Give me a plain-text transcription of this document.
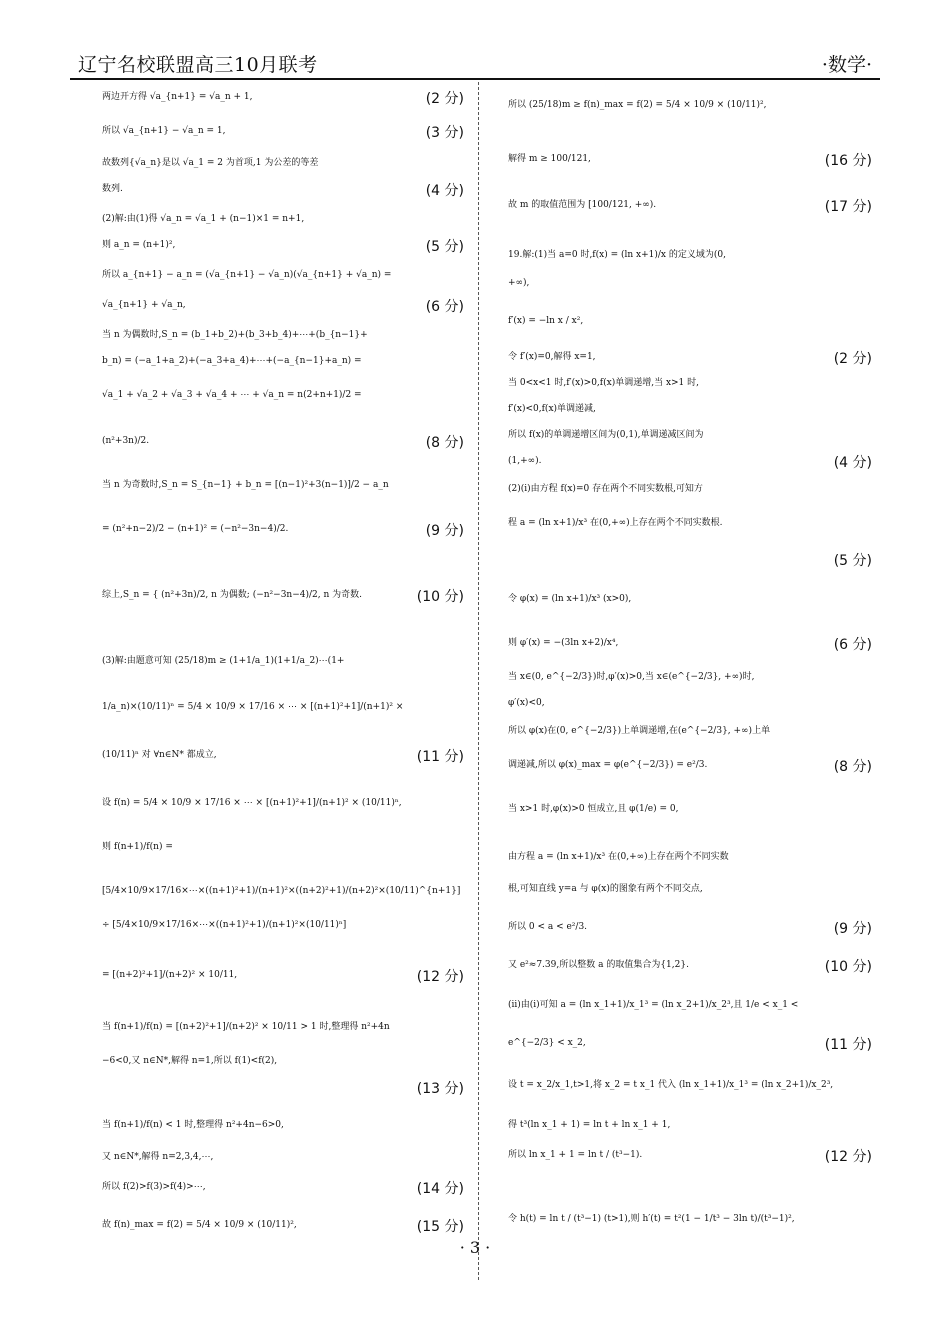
辽宁名校联盟高三10月联考	·数学·
两边开方得 √a_{n+1} = √a_n + 1,	(2 分)
所以 √a_{n+1} − √a_n = 1,	(3 分)
故数列{√a_n}是以 √a_1 = 2 为首项,1 为公差的等差
数列.	(4 分)
(2)解:由(1)得 √a_n = √a_1 + (n−1)×1 = n+1,
则 a_n = (n+1)²,	(5 分)
所以 a_{n+1} − a_n = (√a_{n+1} − √a_n)(√a_{n+1} + √a_n) =
√a_{n+1} + √a_n,	(6 分)
当 n 为偶数时,S_n = (b_1+b_2)+(b_3+b_4)+⋯+(b_{n−1}+
b_n) = (−a_1+a_2)+(−a_3+a_4)+⋯+(−a_{n−1}+a_n) =
√a_1 + √a_2 + √a_3 + √a_4 + ⋯ + √a_n = n(2+n+1)/2 =
(n²+3n)/2.	(8 分)
当 n 为奇数时,S_n = S_{n−1} + b_n = [(n−1)²+3(n−1)]/2 − a_n
= (n²+n−2)/2 − (n+1)² = (−n²−3n−4)/2.	(9 分)
综上,S_n = { (n²+3n)/2, n 为偶数; (−n²−3n−4)/2, n 为奇数.	(10 分)
(3)解:由题意可知 (25/18)m ≥ (1+1/a_1)(1+1/a_2)⋯(1+
1/a_n)×(10/11)ⁿ = 5/4 × 10/9 × 17/16 × ⋯ × [(n+1)²+1]/(n+1)² ×
(10/11)ⁿ 对 ∀n∈N* 都成立,	(11 分)
设 f(n) = 5/4 × 10/9 × 17/16 × ⋯ × [(n+1)²+1]/(n+1)² × (10/11)ⁿ,
则 f(n+1)/f(n) =
[5/4×10/9×17/16×⋯×((n+1)²+1)/(n+1)²×((n+2)²+1)/(n+2)²×(10/11)^{n+1}]
÷ [5/4×10/9×17/16×⋯×((n+1)²+1)/(n+1)²×(10/11)ⁿ]
= [(n+2)²+1]/(n+2)² × 10/11,	(12 分)
当 f(n+1)/f(n) = [(n+2)²+1]/(n+2)² × 10/11 > 1 时,整理得 n²+4n
−6<0,又 n∈N*,解得 n=1,所以 f(1)<f(2),
(13 分)
当 f(n+1)/f(n) < 1 时,整理得 n²+4n−6>0,
又 n∈N*,解得 n=2,3,4,⋯,
所以 f(2)>f(3)>f(4)>⋯,	(14 分)
故 f(n)_max = f(2) = 5/4 × 10/9 × (10/11)²,	(15 分)
所以 (25/18)m ≥ f(n)_max = f(2) = 5/4 × 10/9 × (10/11)²,
解得 m ≥ 100/121,	(16 分)
故 m 的取值范围为 [100/121, +∞).	(17 分)
19.解:(1)当 a=0 时,f(x) = (ln x+1)/x 的定义域为(0,
+∞),
f′(x) = −ln x / x²,
令 f′(x)=0,解得 x=1,	(2 分)
当 0<x<1 时,f′(x)>0,f(x)单调递增,当 x>1 时,
f′(x)<0,f(x)单调递减,
所以 f(x)的单调递增区间为(0,1),单调递减区间为
(1,+∞).	(4 分)
(2)(i)由方程 f(x)=0 存在两个不同实数根,可知方
程 a = (ln x+1)/x³ 在(0,+∞)上存在两个不同实数根.
(5 分)
令 φ(x) = (ln x+1)/x³ (x>0),
则 φ′(x) = −(3ln x+2)/x⁴,	(6 分)
当 x∈(0, e^{−2/3})时,φ′(x)>0,当 x∈(e^{−2/3}, +∞)时,
φ′(x)<0,
所以 φ(x)在(0, e^{−2/3})上单调递增,在(e^{−2/3}, +∞)上单
调递减,所以 φ(x)_max = φ(e^{−2/3}) = e²/3.	(8 分)
当 x>1 时,φ(x)>0 恒成立,且 φ(1/e) = 0,
由方程 a = (ln x+1)/x³ 在(0,+∞)上存在两个不同实数
根,可知直线 y=a 与 φ(x)的图象有两个不同交点,
所以 0 < a < e²/3.	(9 分)
又 e²≈7.39,所以整数 a 的取值集合为{1,2}.	(10 分)
(ii)由(i)可知 a = (ln x_1+1)/x_1³ = (ln x_2+1)/x_2³,且 1/e < x_1 <
e^{−2/3} < x_2,	(11 分)
设 t = x_2/x_1,t>1,将 x_2 = t x_1 代入 (ln x_1+1)/x_1³ = (ln x_2+1)/x_2³,
得 t³(ln x_1 + 1) = ln t + ln x_1 + 1,
所以 ln x_1 + 1 = ln t / (t³−1).	(12 分)
令 h(t) = ln t / (t³−1) (t>1),则 h′(t) = t²(1 − 1/t³ − 3ln t)/(t³−1)²,
· 3 ·
